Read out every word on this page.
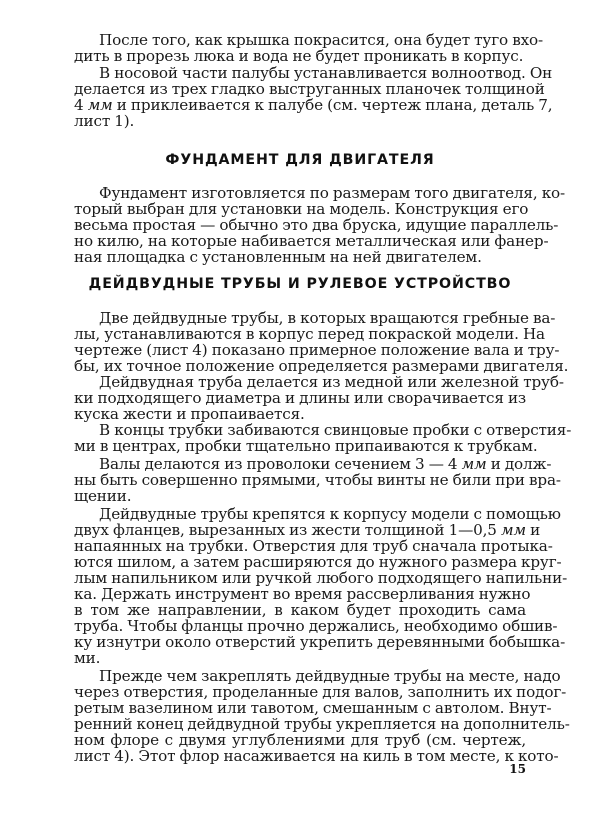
После того, как крышка покрасится, она будет туго вхо-
дить в прорезь люка и вода не будет проникать в корпус.
В носовой части палубы устанавливается волноотвод. Он
делается из трех гладко выструганных планочек толщиной
4 мм и приклеивается к палубе (см. чертеж плана, деталь 7,
лист 1).
ФУНДАМЕНТ ДЛЯ ДВИГАТЕЛЯ
Фундамент изготовляется по размерам того двигателя, ко-
торый выбран для установки на модель. Конструкция его
весьма простая — обычно это два бруска, идущие параллель-
но килю, на которые набивается металлическая или фанер-
ная площадка с установленным на ней двигателем.
ДЕЙДВУДНЫЕ ТРУБЫ И РУЛЕВОЕ УСТРОЙСТВО
Две дейдвудные трубы, в которых вращаются гребные ва-
лы, устанавливаются в корпус перед покраской модели. На
чертеже (лист 4) показано примерное положение вала и тру-
бы, их точное положение определяется размерами двигателя.
Дейдвудная труба делается из медной или железной труб-
ки подходящего диаметра и длины или сворачивается из
куска жести и пропаивается.
В концы трубки забиваются свинцовые пробки с отверстия-
ми в центрах, пробки тщательно припаиваются к трубкам.
Валы делаются из проволоки сечением 3 — 4 мм и долж-
ны быть совершенно прямыми, чтобы винты не били при вра-
щении.
Дейдвудные трубы крепятся к корпусу модели с помощью
двух фланцев, вырезанных из жести толщиной 1—0,5 мм и
напаянных на трубки. Отверстия для труб сначала протыка-
ются шилом, а затем расширяются до нужного размера круг-
лым напильником или ручкой любого подходящего напильни-
ка. Держать инструмент во время рассверливания нужно
в том же направлении, в каком будет проходить сама
труба. Чтобы фланцы прочно держались, необходимо обшив-
ку изнутри около отверстий укрепить деревянными бобышка-
ми.
Прежде чем закреплять дейдвудные трубы на месте, надо
через отверстия, проделанные для валов, заполнить их подог-
ретым вазелином или тавотом, смешанным с автолом. Внут-
ренний конец дейдвудной трубы укрепляется на дополнитель-
ном флоре с двумя углублениями для труб (см. чертеж,
лист 4). Этот флор насаживается на киль в том месте, к кото-
15
